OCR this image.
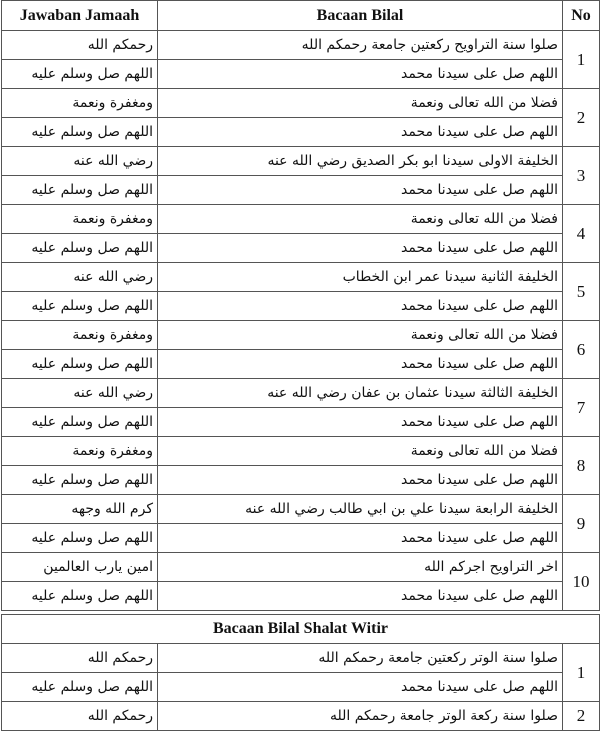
Jawaban Jamaah	Bacaan Bilal	No
رحمكم الله	صلوا سنة التراويح ركعتين جامعة رحمكم الله	1
اللهم صل وسلم عليه	اللهم صل على سيدنا محمد	
ومغفرة ونعمة	فضلا من الله تعالى ونعمة	2
اللهم صل وسلم عليه	اللهم صل على سيدنا محمد	
رضي الله عنه	الخليفة الاولى سيدنا ابو بكر الصديق رضي الله عنه	3
اللهم صل وسلم عليه	اللهم صل على سيدنا محمد	
ومغفرة ونعمة	فضلا من الله تعالى ونعمة	4
اللهم صل وسلم عليه	اللهم صل على سيدنا محمد	
رضي الله عنه	الخليفة الثانية سيدنا عمر ابن الخطاب	5
اللهم صل وسلم عليه	اللهم صل على سيدنا محمد	
ومغفرة ونعمة	فضلا من الله تعالى ونعمة	6
اللهم صل وسلم عليه	اللهم صل على سيدنا محمد	
رضي الله عنه	الخليفة الثالثة سيدنا عثمان بن عفان رضي الله عنه	7
اللهم صل وسلم عليه	اللهم صل على سيدنا محمد	
ومغفرة ونعمة	فضلا من الله تعالى ونعمة	8
اللهم صل وسلم عليه	اللهم صل على سيدنا محمد	
كرم الله وجهه	الخليفة الرابعة سيدنا علي بن ابي طالب رضي الله عنه	9
اللهم صل وسلم عليه	اللهم صل على سيدنا محمد	
امين يارب العالمين	اخر التراويح اجركم الله	10
اللهم صل وسلم عليه	اللهم صل على سيدنا محمد	

Bacaan Bilal Shalat Witir		
رحمكم الله	صلوا سنة الوتر ركعتين جامعة رحمكم الله	1
اللهم صل وسلم عليه	اللهم صل على سيدنا محمد	
رحمكم الله	صلوا سنة ركعة الوتر جامعة رحمكم الله	2
